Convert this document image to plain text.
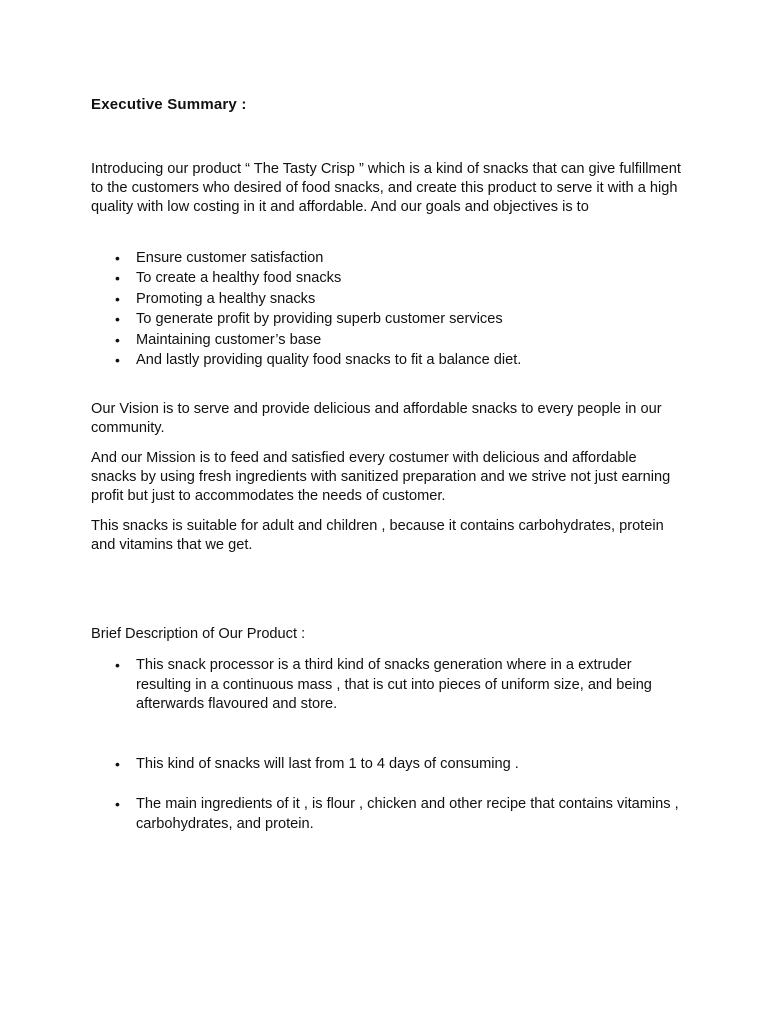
Executive Summary :

Introducing our product “ The Tasty Crisp ” which is a kind of snacks that can give fulfillment to the customers who desired of food snacks, and create this product to serve it with a high quality with low costing in it and affordable. And our goals and objectives is to

•	Ensure customer satisfaction
•	To create a healthy food snacks
•	Promoting a healthy snacks
•	To generate profit by providing superb customer services
•	Maintaining customer’s base
•	And lastly providing quality food snacks to fit a balance diet.

Our Vision is to serve and provide delicious and affordable snacks to every people in our community.

And our Mission is to feed and satisfied every costumer with delicious and affordable snacks by using fresh ingredients with sanitized preparation and we strive not just earning profit but just to accommodates the needs of customer.

This snacks is suitable for adult and children , because it contains carbohydrates, protein and vitamins that we get.

Brief Description of Our Product :

•	This snack processor is a third kind of snacks generation where in a extruder resulting in a continuous mass , that is cut into pieces of uniform size, and being afterwards flavoured and store.
•	This kind of snacks will last from 1 to 4 days of consuming .
•	The main ingredients of it , is flour , chicken and other recipe that contains vitamins , carbohydrates, and protein.
